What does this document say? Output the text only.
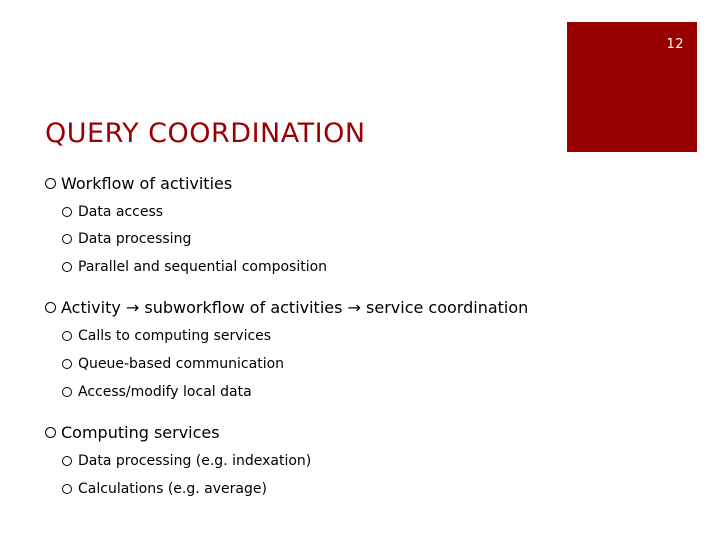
12
QUERY COORDINATION
Workflow of activities
Data access
Data processing
Parallel and sequential composition
Activity → subworkflow of activities → service coordination
Calls to computing services
Queue-based communication
Access/modify local data
Computing services
Data processing (e.g. indexation)
Calculations (e.g. average)
